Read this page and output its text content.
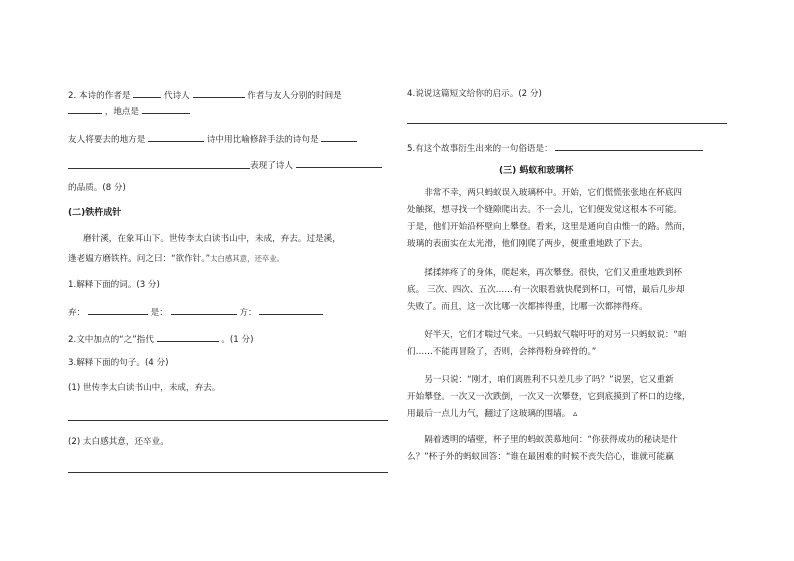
2. 本诗的作者是	代诗人	作者与友人分别的时间是
，地点是
友人将要去的地方是	诗中用比喻修辞手法的诗句是
表现了诗人
的品质。(8 分)
(二)铁杵成针
磨针溪，在象耳山下。世传李太白读书山中，未成，弃去。过是溪，
逢老媪方磨铁杵。问之曰：“欲作针。”太白感其意，还卒业。
1.解释下面的词。(3 分)
弃：	是：	方：
2.文中加点的“之”指代	。(1 分)
3.解释下面的句子。(4 分)
(1) 世传李太白读书山中，未成，弃去。
(2) 太白感其意，还卒业。
4.说说这篇短文给你的启示。(2 分)
5.有这个故事衍生出来的一句俗语是：
(三) 蚂蚁和玻璃杯
非常不幸，两只蚂蚁误入玻璃杯中。开始，它们慌慌张张地在杯底四
处触探，想寻找一个缝隙爬出去。不一会儿，它们便发觉这根本不可能。
于是，他们开始沿杯壁向上攀登。看来，这里是通向自由惟一的路。然而，
玻璃的表面实在太光滑，他们刚爬了两步，便重重地跌了下去。
揉揉摔疼了的身体，爬起来，再次攀登。很快，它们又重重地跌到杯
底。 三次、四次、五次……有一次眼看就快爬到杯口，可惜，最后几步却
失败了。而且，这一次比哪一次都摔得重，比哪一次都摔得疼。
好半天，它们才喘过气来。一只蚂蚁气喘吁吁的对另一只蚂蚁说：“咱
们……不能再冒险了，否则，会摔得粉身碎骨的。”
另一只说：“刚才，咱们离胜利不只差几步了吗？”说罢，它又重新
开始攀登。一次又一次跌倒，一次又一次攀登，它到底摸到了杯口的边缘，
用最后一点儿力气，翻过了这玻璃的围墙。 ▵
隔着透明的墙壁，杯子里的蚂蚁羡慕地问：“你获得成功的秘诀是什
么？”杯子外的蚂蚁回答：“谁在最困难的时候不丧失信心，谁就可能赢
